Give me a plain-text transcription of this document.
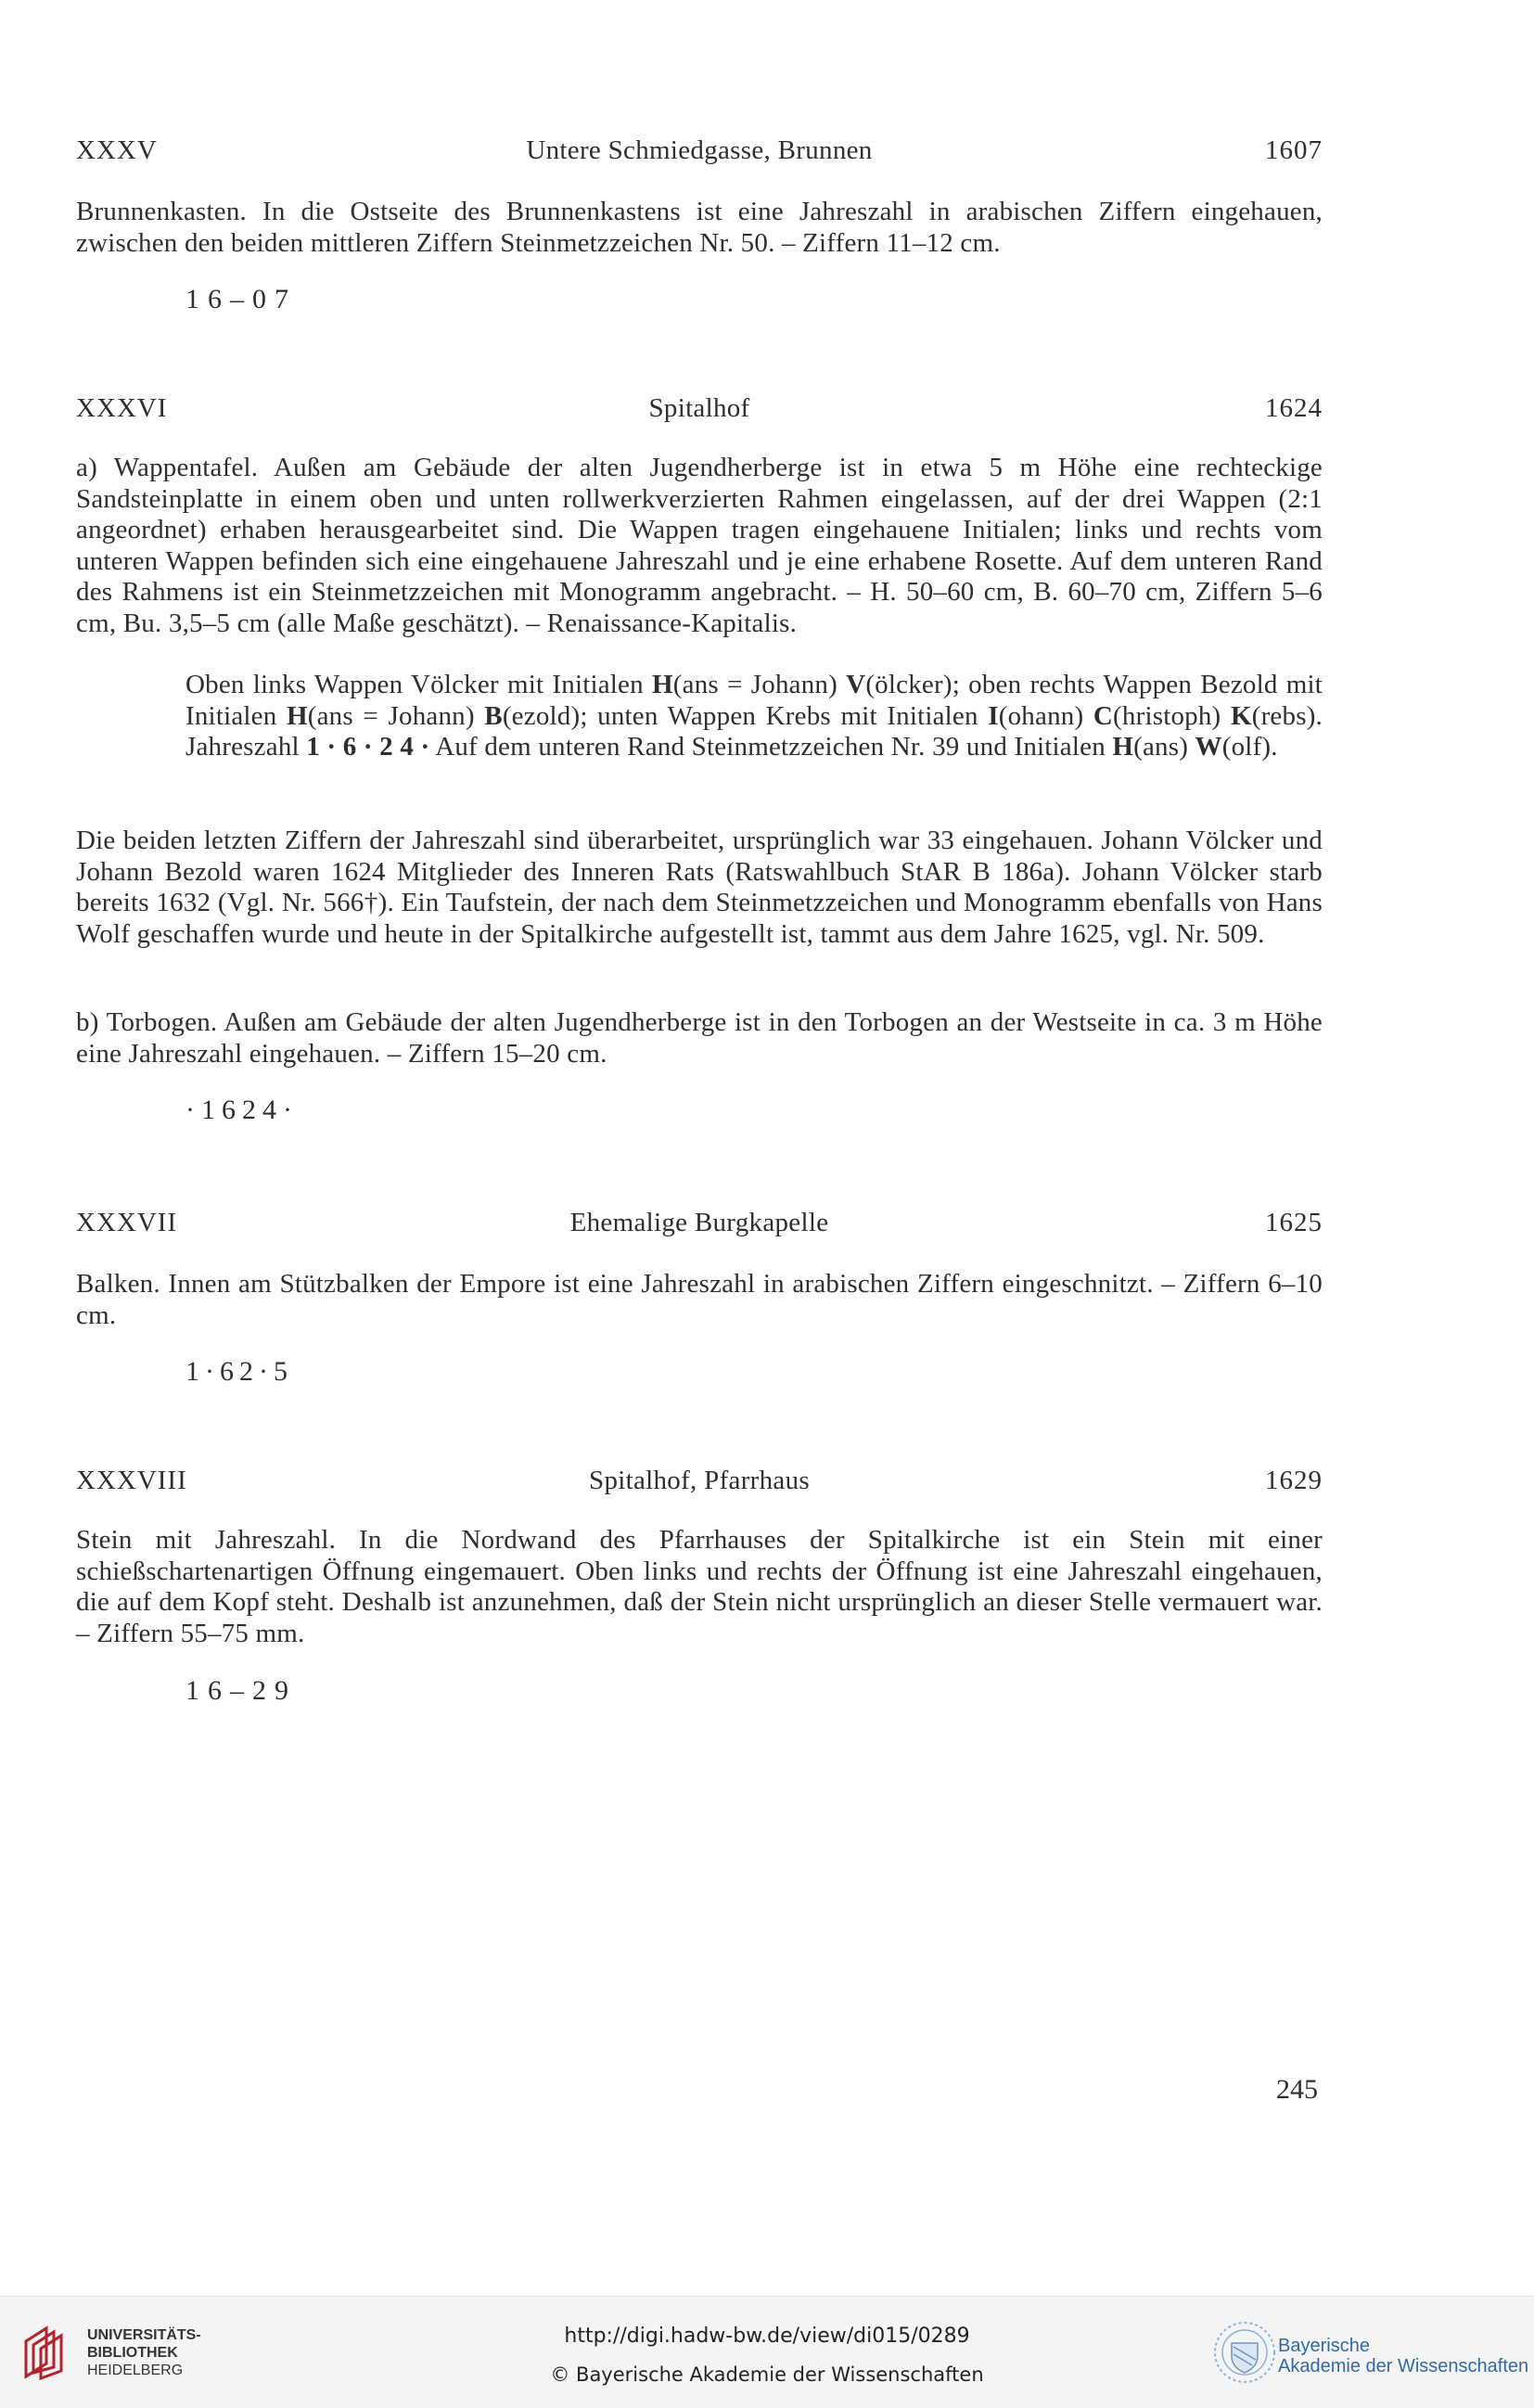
XXXV	Untere Schmiedgasse, Brunnen	1607

Brunnenkasten. In die Ostseite des Brunnenkastens ist eine Jahreszahl in arabischen Ziffern eingehauen, zwischen den beiden mittleren Ziffern Steinmetzzeichen Nr. 50. – Ziffern 11–12 cm.

16–07
XXXVI	Spitalhof	1624

a) Wappentafel. Außen am Gebäude der alten Jugendherberge ist in etwa 5 m Höhe eine rechteckige Sandsteinplatte in einem oben und unten rollwerkverzierten Rahmen eingelassen, auf der drei Wappen (2:1 angeordnet) erhaben herausgearbeitet sind. Die Wappen tragen eingehauene Initialen; links und rechts vom unteren Wappen befinden sich eine eingehauene Jahreszahl und je eine erhabene Rosette. Auf dem unteren Rand des Rahmens ist ein Steinmetzzeichen mit Monogramm angebracht. – H. 50–60 cm, B. 60–70 cm, Ziffern 5–6 cm, Bu. 3,5–5 cm (alle Maße geschätzt). – Renaissance-Kapitalis.

Oben links Wappen Völcker mit Initialen H(ans = Johann) V(ölcker); oben rechts Wappen Bezold mit Initialen H(ans = Johann) B(ezold); unten Wappen Krebs mit Initialen I(ohann) C(hristoph) K(rebs). Jahreszahl 1 · 6 · 2 4 · Auf dem unteren Rand Steinmetzzeichen Nr. 39 und Initialen H(ans) W(olf).

Die beiden letzten Ziffern der Jahreszahl sind überarbeitet, ursprünglich war 33 eingehauen. Johann Völcker und Johann Bezold waren 1624 Mitglieder des Inneren Rats (Ratswahlbuch StAR B 186a). Johann Völcker starb bereits 1632 (Vgl. Nr. 566†). Ein Taufstein, der nach dem Steinmetzzeichen und Monogramm ebenfalls von Hans Wolf geschaffen wurde und heute in der Spitalkirche aufgestellt ist, tammt aus dem Jahre 1625, vgl. Nr. 509.

b) Torbogen. Außen am Gebäude der alten Jugendherberge ist in den Torbogen an der Westseite in ca. 3 m Höhe eine Jahreszahl eingehauen. – Ziffern 15–20 cm.

·1624·
XXXVII	Ehemalige Burgkapelle	1625

Balken. Innen am Stützbalken der Empore ist eine Jahreszahl in arabischen Ziffern eingeschnitzt. – Ziffern 6–10 cm.

1·62·5
XXXVIII	Spitalhof, Pfarrhaus	1629

Stein mit Jahreszahl. In die Nordwand des Pfarrhauses der Spitalkirche ist ein Stein mit einer schießschartenartigen Öffnung eingemauert. Oben links und rechts der Öffnung ist eine Jahreszahl eingehauen, die auf dem Kopf steht. Deshalb ist anzunehmen, daß der Stein nicht ursprünglich an dieser Stelle vermauert war. – Ziffern 55–75 mm.

16–29
245
UNIVERSITÄTS-
BIBLIOTHEK
HEIDELBERG
http://digi.hadw-bw.de/view/di015/0289
© Bayerische Akademie der Wissenschaften
Bayerische
Akademie der Wissenschaften
